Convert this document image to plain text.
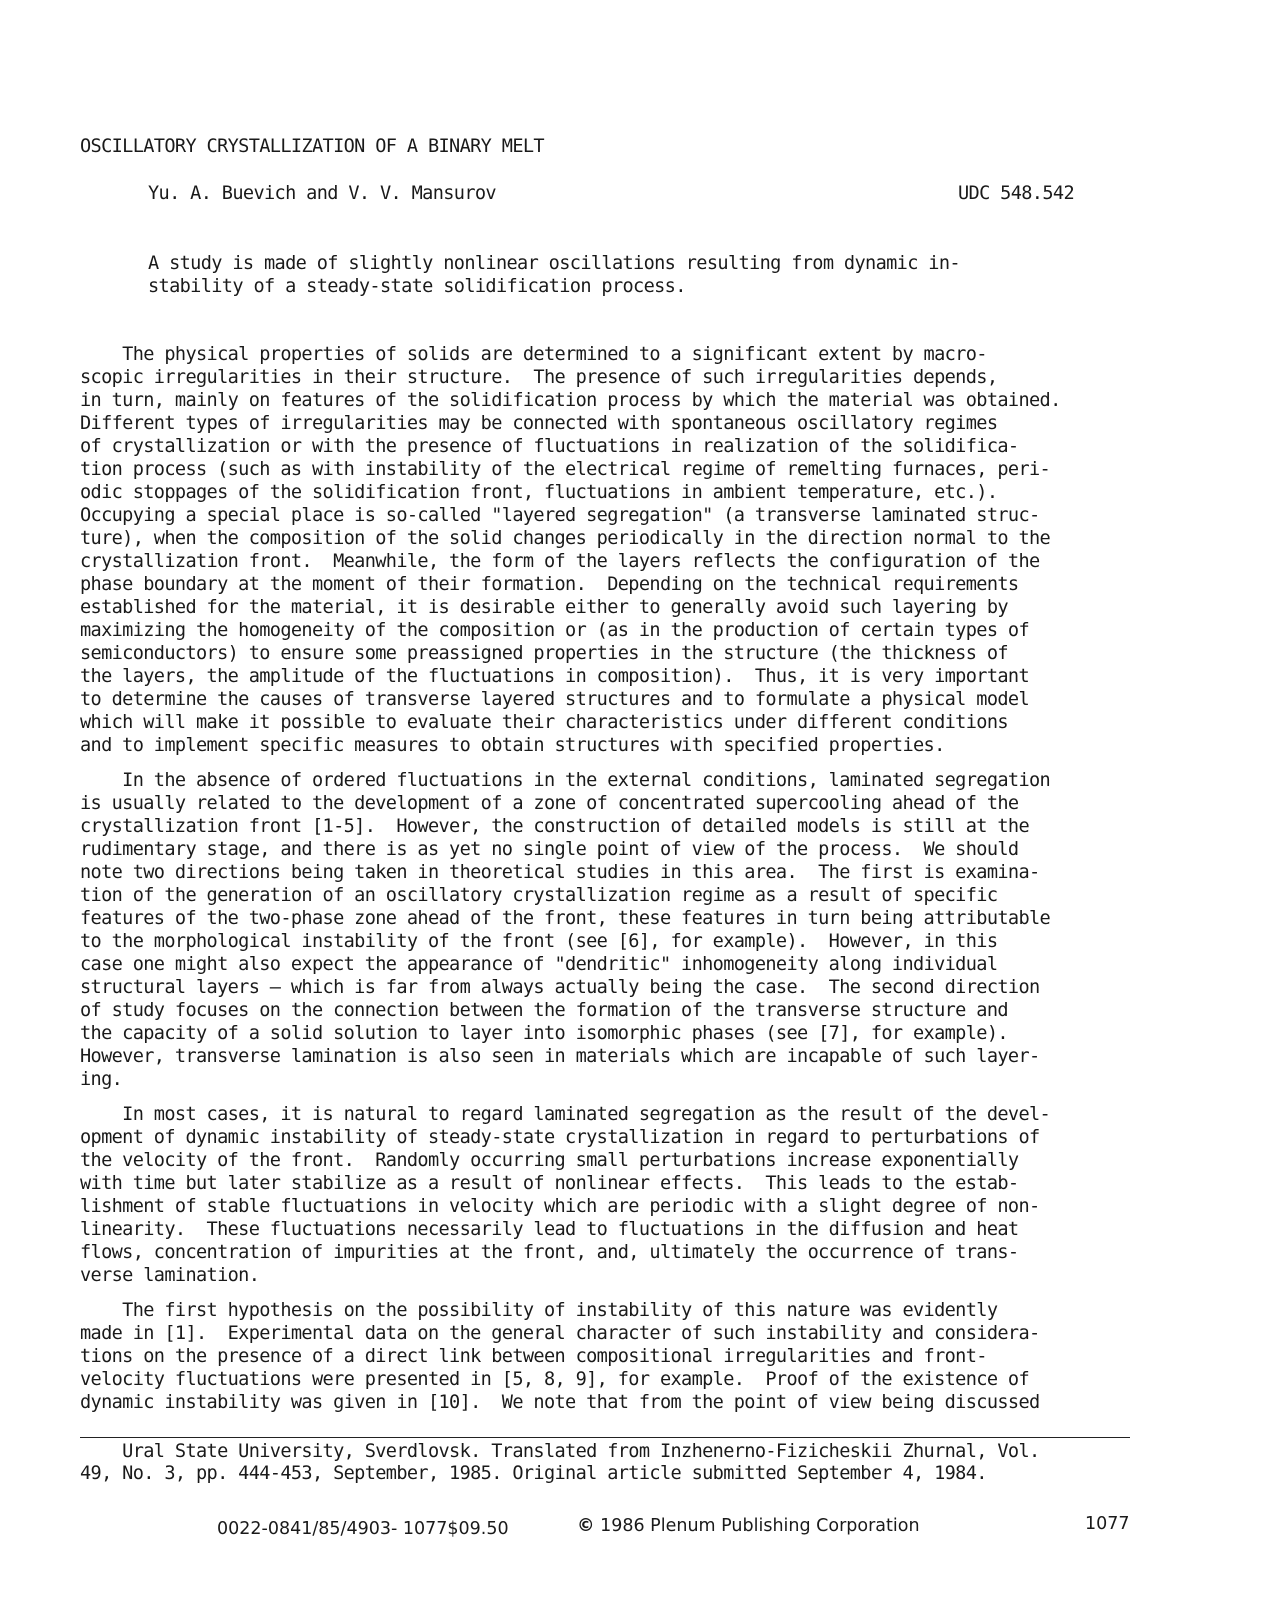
OSCILLATORY CRYSTALLIZATION OF A BINARY MELT
Yu. A. Buevich and V. V. Mansurov	UDC 548.542
A study is made of slightly nonlinear oscillations resulting from dynamic in-
stability of a steady-state solidification process.
The physical properties of solids are determined to a significant extent by macro-
scopic irregularities in their structure.  The presence of such irregularities depends,
in turn, mainly on features of the solidification process by which the material was obtained.
Different types of irregularities may be connected with spontaneous oscillatory regimes
of crystallization or with the presence of fluctuations in realization of the solidifica-
tion process (such as with instability of the electrical regime of remelting furnaces, peri-
odic stoppages of the solidification front, fluctuations in ambient temperature, etc.).
Occupying a special place is so-called "layered segregation" (a transverse laminated struc-
ture), when the composition of the solid changes periodically in the direction normal to the
crystallization front.  Meanwhile, the form of the layers reflects the configuration of the
phase boundary at the moment of their formation.  Depending on the technical requirements
established for the material, it is desirable either to generally avoid such layering by
maximizing the homogeneity of the composition or (as in the production of certain types of
semiconductors) to ensure some preassigned properties in the structure (the thickness of
the layers, the amplitude of the fluctuations in composition).  Thus, it is very important
to determine the causes of transverse layered structures and to formulate a physical model
which will make it possible to evaluate their characteristics under different conditions
and to implement specific measures to obtain structures with specified properties.
In the absence of ordered fluctuations in the external conditions, laminated segregation
is usually related to the development of a zone of concentrated supercooling ahead of the
crystallization front [1-5].  However, the construction of detailed models is still at the
rudimentary stage, and there is as yet no single point of view of the process.  We should
note two directions being taken in theoretical studies in this area.  The first is examina-
tion of the generation of an oscillatory crystallization regime as a result of specific
features of the two-phase zone ahead of the front, these features in turn being attributable
to the morphological instability of the front (see [6], for example).  However, in this
case one might also expect the appearance of "dendritic" inhomogeneity along individual
structural layers — which is far from always actually being the case.  The second direction
of study focuses on the connection between the formation of the transverse structure and
the capacity of a solid solution to layer into isomorphic phases (see [7], for example).
However, transverse lamination is also seen in materials which are incapable of such layer-
ing.
In most cases, it is natural to regard laminated segregation as the result of the devel-
opment of dynamic instability of steady-state crystallization in regard to perturbations of
the velocity of the front.  Randomly occurring small perturbations increase exponentially
with time but later stabilize as a result of nonlinear effects.  This leads to the estab-
lishment of stable fluctuations in velocity which are periodic with a slight degree of non-
linearity.  These fluctuations necessarily lead to fluctuations in the diffusion and heat
flows, concentration of impurities at the front, and, ultimately the occurrence of trans-
verse lamination.
The first hypothesis on the possibility of instability of this nature was evidently
made in [1].  Experimental data on the general character of such instability and considera-
tions on the presence of a direct link between compositional irregularities and front-
velocity fluctuations were presented in [5, 8, 9], for example.  Proof of the existence of
dynamic instability was given in [10].  We note that from the point of view being discussed
Ural State University, Sverdlovsk. Translated from Inzhenerno-Fizicheskii Zhurnal, Vol.
49, No. 3, pp. 444-453, September, 1985. Original article submitted September 4, 1984.
0022-0841/85/4903- 1077$09.50	© 1986 Plenum Publishing Corporation	1077
